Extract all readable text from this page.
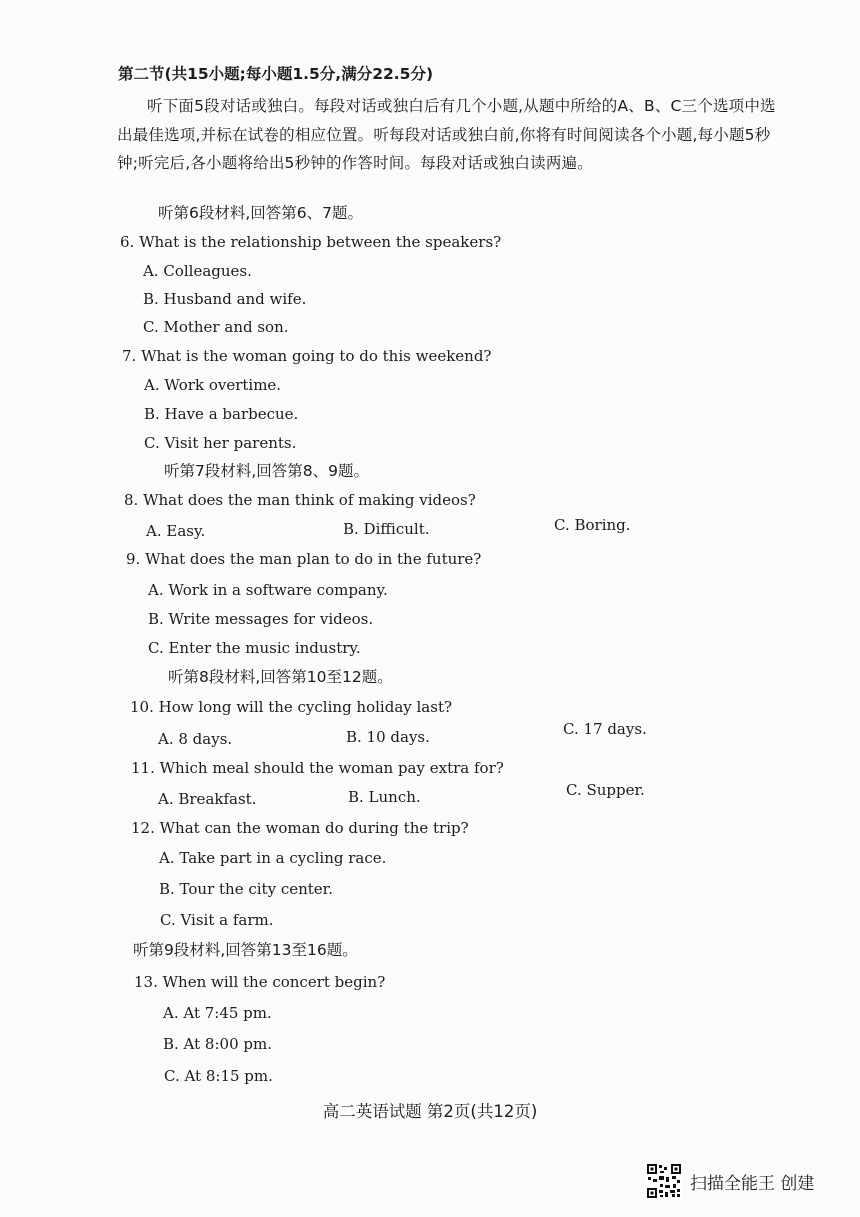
第二节(共15小题;每小题1.5分,满分22.5分)
听下面5段对话或独白。每段对话或独白后有几个小题,从题中所给的A、B、C三个选项中选出最佳选项,并标在试卷的相应位置。听每段对话或独白前,你将有时间阅读各个小题,每小题5秒钟;听完后,各小题将给出5秒钟的作答时间。每段对话或独白读两遍。
听第6段材料,回答第6、7题。
6. What is the relationship between the speakers?
A. Colleagues.
B. Husband and wife.
C. Mother and son.
7. What is the woman going to do this weekend?
A. Work overtime.
B. Have a barbecue.
C. Visit her parents.
听第7段材料,回答第8、9题。
8. What does the man think of making videos?
A. Easy.	B. Difficult.	C. Boring.
9. What does the man plan to do in the future?
A. Work in a software company.
B. Write messages for videos.
C. Enter the music industry.
听第8段材料,回答第10至12题。
10. How long will the cycling holiday last?
A. 8 days.	B. 10 days.	C. 17 days.
11. Which meal should the woman pay extra for?
A. Breakfast.	B. Lunch.	C. Supper.
12. What can the woman do during the trip?
A. Take part in a cycling race.
B. Tour the city center.
C. Visit a farm.
听第9段材料,回答第13至16题。
13. When will the concert begin?
A. At 7:45 pm.
B. At 8:00 pm.
C. At 8:15 pm.
高二英语试题 第2页(共12页)
扫描全能王 创建
